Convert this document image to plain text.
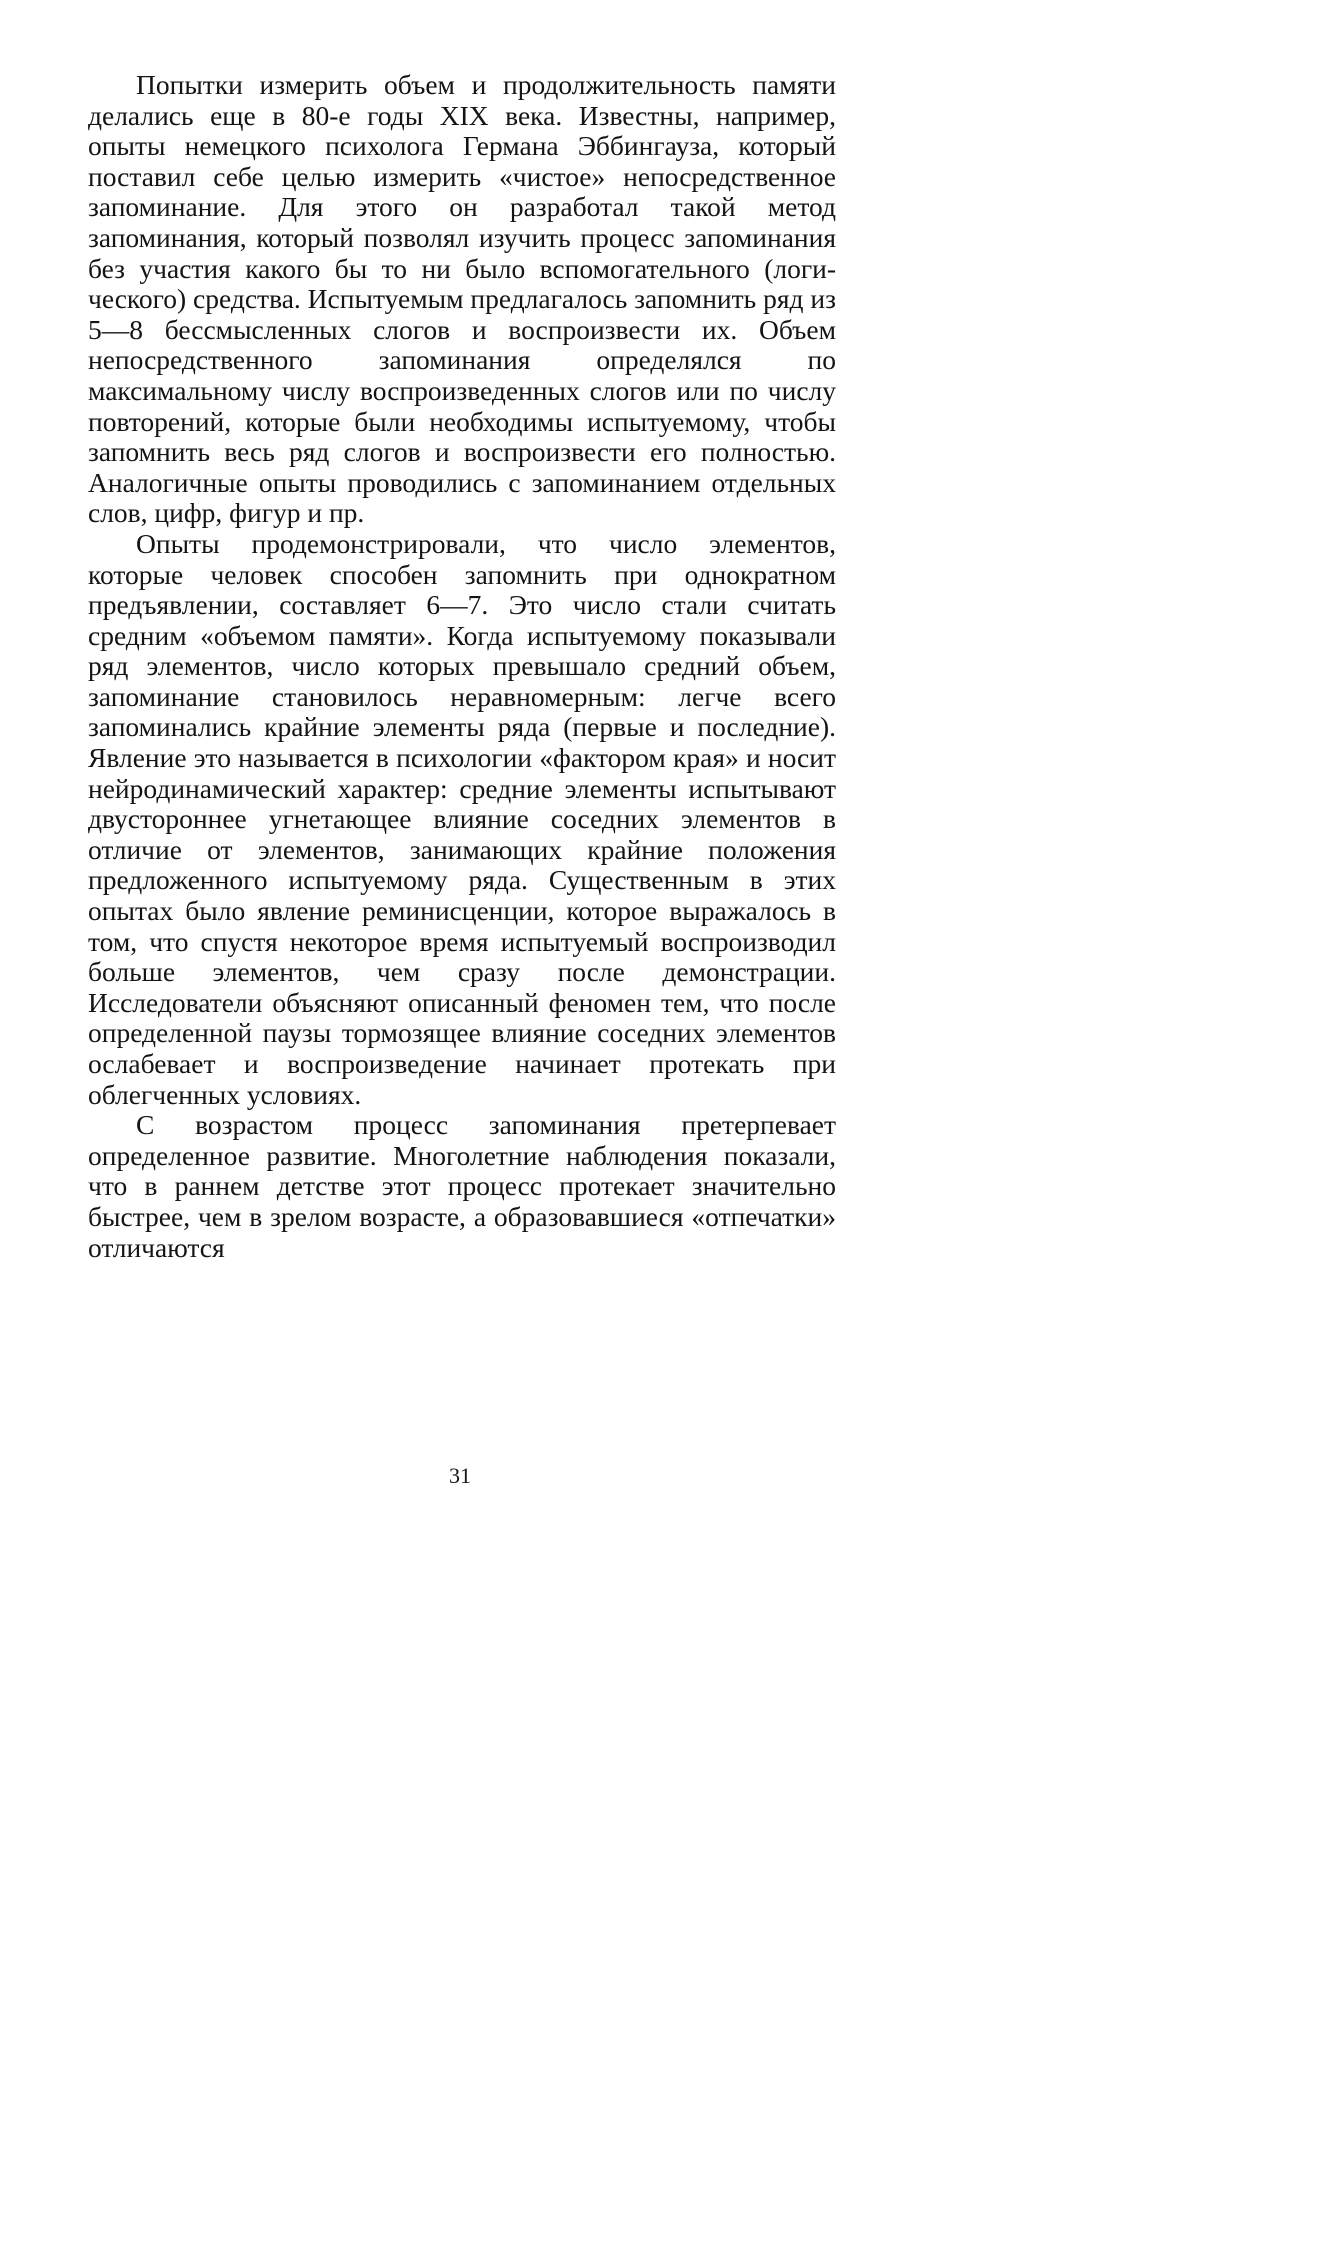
Попытки измерить объем и продолжительность памяти делались еще в 80-е годы XIX века. Известны, например, опыты немецкого психолога Германа Эббингауза, который поставил себе целью измерить «чистое» непосредственное запоминание. Для этого он разработал такой метод запоминания, который позволял изучить процесс запоминания без участия какого бы то ни было вспомогательного (логического) средства. Испытуемым предлагалось запомнить ряд из 5—8 бессмысленных слогов и воспроизвести их. Объем непосредственного запоминания определялся по максимальному числу воспроизведенных слогов или по числу повторений, которые были необходимы испытуемому, чтобы запомнить весь ряд слогов и воспроизвести его полностью. Аналогичные опыты проводились с запоминанием отдельных слов, цифр, фигур и пр.

Опыты продемонстрировали, что число элементов, которые человек способен запомнить при однократном предъявлении, составляет 6—7. Это число стали считать средним «объемом памяти». Когда испытуемому показывали ряд элементов, число которых превышало средний объем, запоминание становилось неравномерным: легче всего запоминались крайние элементы ряда (первые и последние). Явление это называется в психологии «фактором края» и носит нейродинамический характер: средние элементы испытывают двустороннее угнетающее влияние соседних элементов в отличие от элементов, занимающих крайние положения предложенного испытуемому ряда. Существенным в этих опытах было явление реминисценции, которое выражалось в том, что спустя некоторое время испытуемый воспроизводил больше элементов, чем сразу после демонстрации. Исследователи объясняют описанный феномен тем, что после определенной паузы тормозящее влияние соседних элементов ослабевает и воспроизведение начинает протекать при облегченных условиях.

С возрастом процесс запоминания претерпевает определенное развитие. Многолетние наблюдения показали, что в раннем детстве этот процесс протекает значительно быстрее, чем в зрелом возрасте, а образовавшиеся «отпечатки» отличаются

31
